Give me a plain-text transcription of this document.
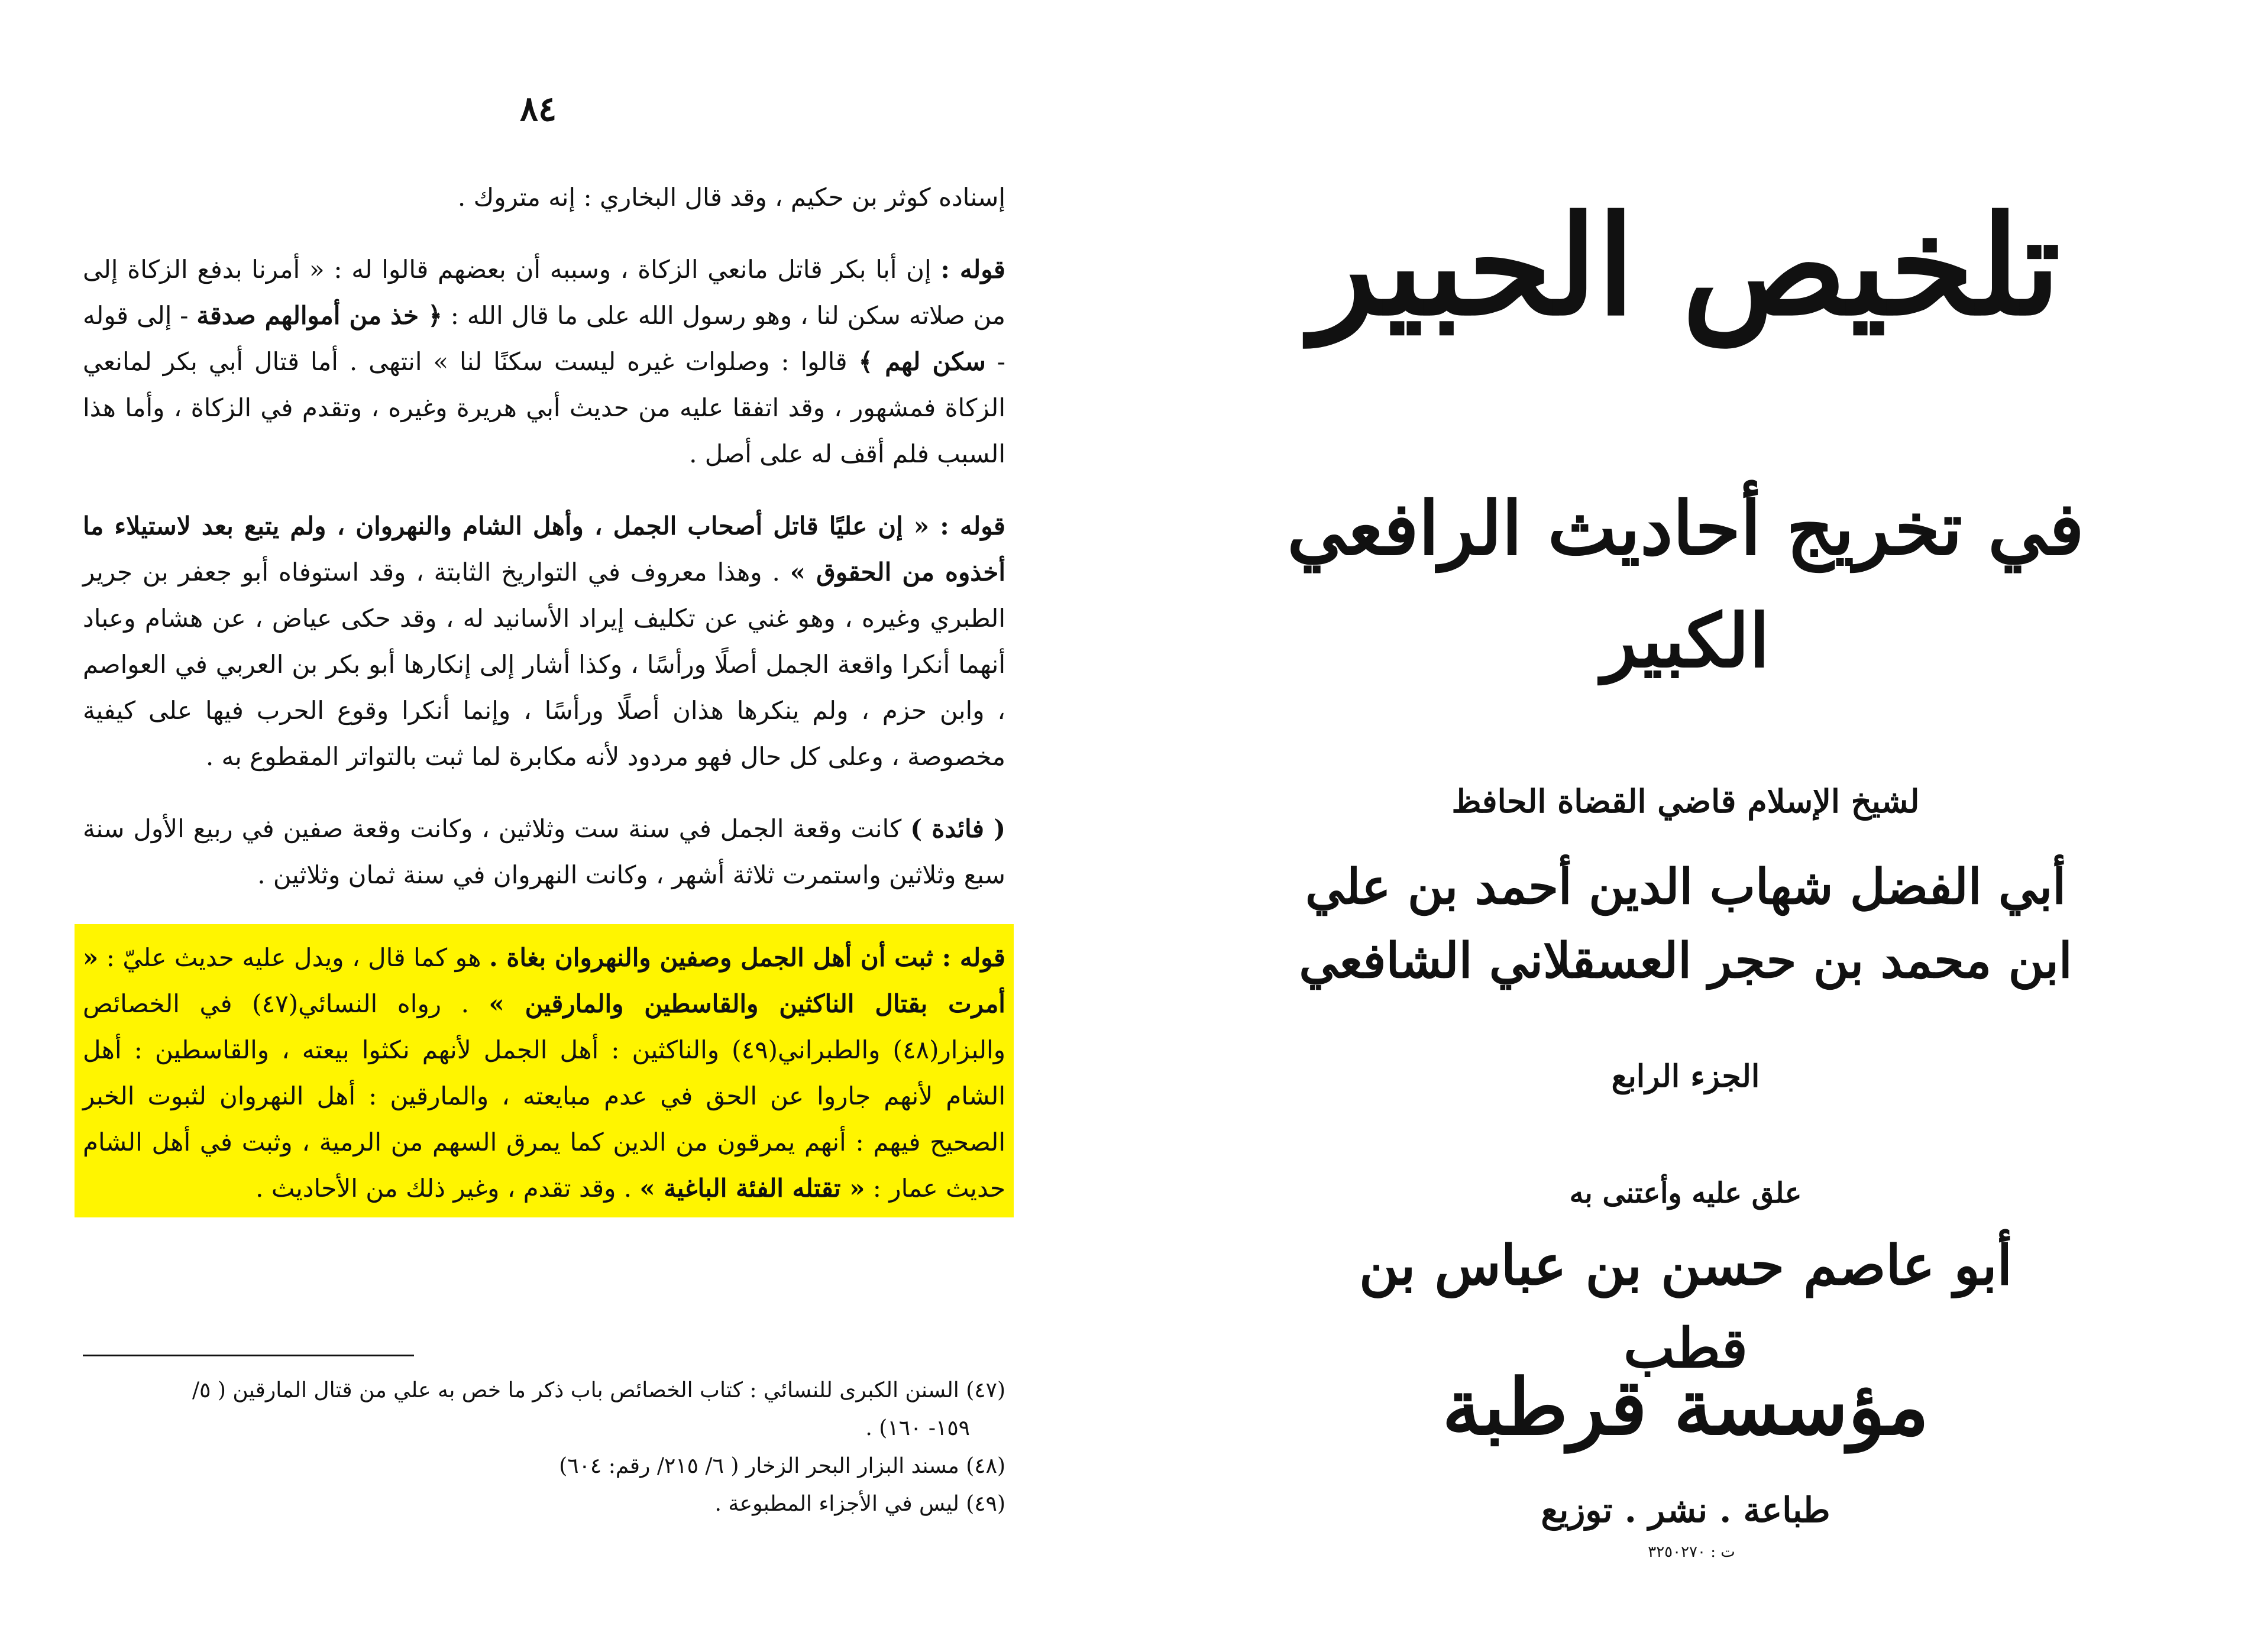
٨٤

إسناده كوثر بن حكيم ، وقد قال البخاري : إنه متروك .

قوله : إن أبا بكر قاتل مانعي الزكاة ، وسببه أن بعضهم قالوا له : « أمرنا بدفع الزكاة إلى من صلاته سكن لنا ، وهو رسول الله على ما قال الله : ﴿ خذ من أموالهم صدقة - إلى قوله - سكن لهم ﴾ قالوا : وصلوات غيره ليست سكنًا لنا » انتهى . أما قتال أبي بكر لمانعي الزكاة فمشهور ، وقد اتفقا عليه من حديث أبي هريرة وغيره ، وتقدم في الزكاة ، وأما هذا السبب فلم أقف له على أصل .

قوله : « إن عليًا قاتل أصحاب الجمل ، وأهل الشام والنهروان ، ولم يتبع بعد لاستيلاء ما أخذوه من الحقوق » . وهذا معروف في التواريخ الثابتة ، وقد استوفاه أبو جعفر بن جرير الطبري وغيره ، وهو غني عن تكليف إيراد الأسانيد له ، وقد حكى عياض ، عن هشام وعباد أنهما أنكرا واقعة الجمل أصلًا ورأسًا ، وكذا أشار إلى إنكارها أبو بكر بن العربي في العواصم ، وابن حزم ، ولم ينكرها هذان أصلًا ورأسًا ، وإنما أنكرا وقوع الحرب فيها على كيفية مخصوصة ، وعلى كل حال فهو مردود لأنه مكابرة لما ثبت بالتواتر المقطوع به .

( فائدة ) كانت وقعة الجمل في سنة ست وثلاثين ، وكانت وقعة صفين في ربيع الأول سنة سبع وثلاثين واستمرت ثلاثة أشهر ، وكانت النهروان في سنة ثمان وثلاثين .

قوله : ثبت أن أهل الجمل وصفين والنهروان بغاة . هو كما قال ، ويدل عليه حديث عليّ : « أمرت بقتال الناكثين والقاسطين والمارقين » . رواه النسائي(٤٧) في الخصائص والبزار(٤٨) والطبراني(٤٩) والناكثين : أهل الجمل لأنهم نكثوا بيعته ، والقاسطين : أهل الشام لأنهم جاروا عن الحق في عدم مبايعته ، والمارقين : أهل النهروان لثبوت الخبر الصحيح فيهم : أنهم يمرقون من الدين كما يمرق السهم من الرمية ، وثبت في أهل الشام حديث عمار : « تقتله الفئة الباغية » . وقد تقدم ، وغير ذلك من الأحاديث .

(٤٧) السنن الكبرى للنسائي : كتاب الخصائص باب ذكر ما خص به علي من قتال المارقين ( ٥/

١٥٩- ١٦٠) .

(٤٨) مسند البزار البحر الزخار ( ٦/ ٢١٥/ رقم: ٦٠٤)

(٤٩) ليس في الأجزاء المطبوعة .

تلخيص الحبير
في تخريج أحاديث الرافعي الكبير
لشيخ الإسلام قاضي القضاة الحافظ
أبي الفضل شهاب الدين أحمد بن علي
ابن محمد بن حجر العسقلاني الشافعي
الجزء الرابع
علق عليه وأعتنى به
أبو عاصم حسن بن عباس بن قطب
مؤسسة قرطبة
طباعة . نشر . توزيع
ت : ٣٢٥٠٢٧٠
